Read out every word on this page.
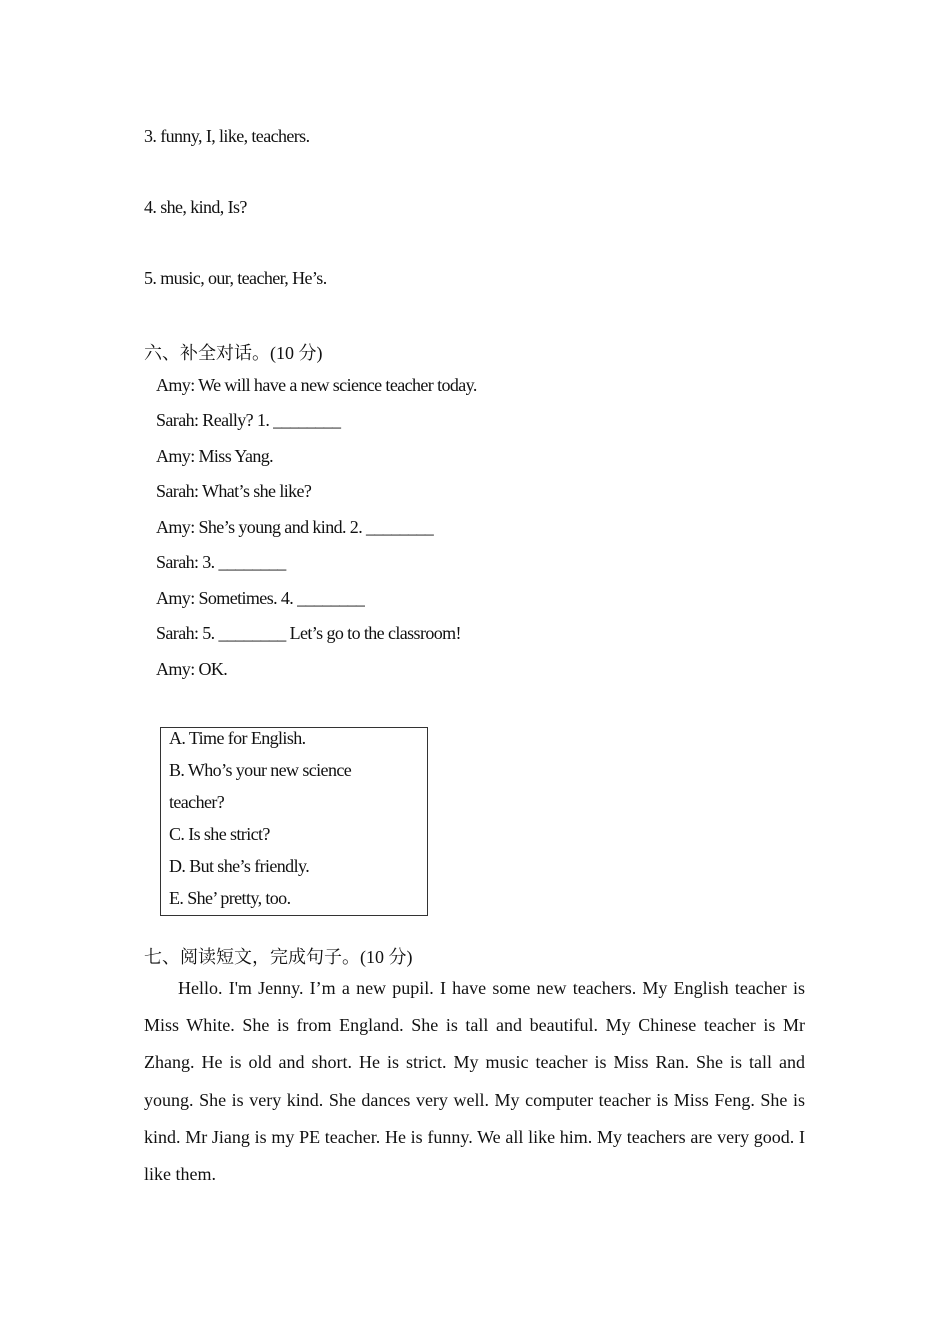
3. funny, I, like, teachers.
4. she, kind, Is?
5. music, our, teacher, He’s.
六、补全对话。(10 分)
Amy: We will have a new science teacher today.
Sarah: Really? 1. ________
Amy: Miss Yang.
Sarah: What’s she like?
Amy: She’s young and kind. 2. ________
Sarah: 3. ________
Amy: Sometimes. 4. ________
Sarah: 5. ________ Let’s go to the classroom!
Amy: OK.
A. Time for English.
B. Who’s your new science
teacher?
C. Is she strict?
D. But she’s friendly.
E. She’ pretty, too.
七、阅读短文，完成句子。(10 分)
Hello. I'm Jenny. I’m a new pupil. I have some new teachers. My English teacher is Miss White. She is from England. She is tall and beautiful. My Chinese teacher is Mr Zhang. He is old and short. He is strict. My music teacher is Miss Ran. She is tall and young. She is very kind. She dances very well. My computer teacher is Miss Feng. She is kind. Mr Jiang is my PE teacher. He is funny. We all like him. My teachers are very good. I like them.
